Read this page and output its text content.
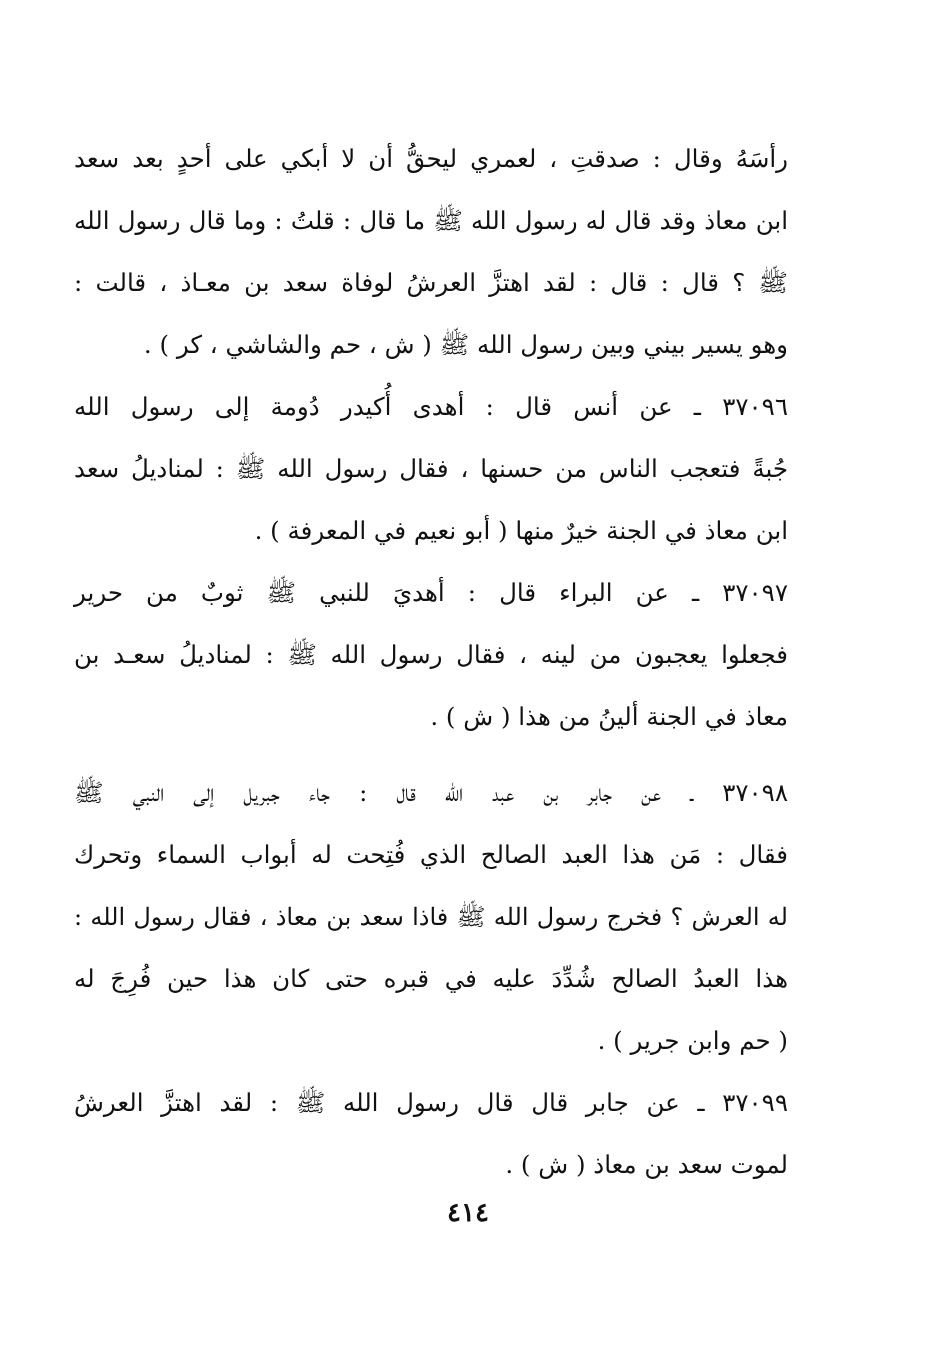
رأسَهُ وقال : صدقتِ ، لعمري ليحقُّ أن لا أبكي على أحدٍ بعد سعد
ابن معاذ وقد قال له رسول الله ﷺ ما قال : قلتُ : وما قال رسول الله
ﷺ ؟ قال : قال : لقد اهتزَّ العرشُ لوفاة سعد بن معـاذ ، قالت :
وهو يسير بيني وبين رسول الله ﷺ ( ش ، حم والشاشي ، كر ) .
٣٧٠٩٦ ـ عن أنس قال : أهدى أُكيدر دُومة إلى رسول الله
جُبةً فتعجب الناس من حسنها ، فقال رسول الله ﷺ : لمناديلُ سعد
ابن معاذ في الجنة خيرٌ منها ( أبو نعيم في المعرفة ) .
٣٧٠٩٧ ـ عن البراء قال : أهديَ للنبي ﷺ ثوبٌ من حرير
فجعلوا يعجبون من لينه ، فقال رسول الله ﷺ : لمناديلُ سعـد بن
معاذ في الجنة ألينُ من هذا ( ش ) .
٣٧٠٩٨ ـ عن جابر بن عبد الله قال : جاء جبريل إلى النبي ﷺ
فقال : مَن هذا العبد الصالح الذي فُتِحت له أبواب السماء وتحرك
له العرش ؟ فخرج رسول الله ﷺ فاذا سعد بن معاذ ، فقال رسول الله :
هذا العبدُ الصالح شُدِّدَ عليه في قبره حتى كان هذا حين فُرِجَ له
( حم وابن جرير ) .
٣٧٠٩٩ ـ عن جابر قال قال رسول الله ﷺ : لقد اهتزَّ العرشُ
لموت سعد بن معاذ ( ش ) .
٤١٤
